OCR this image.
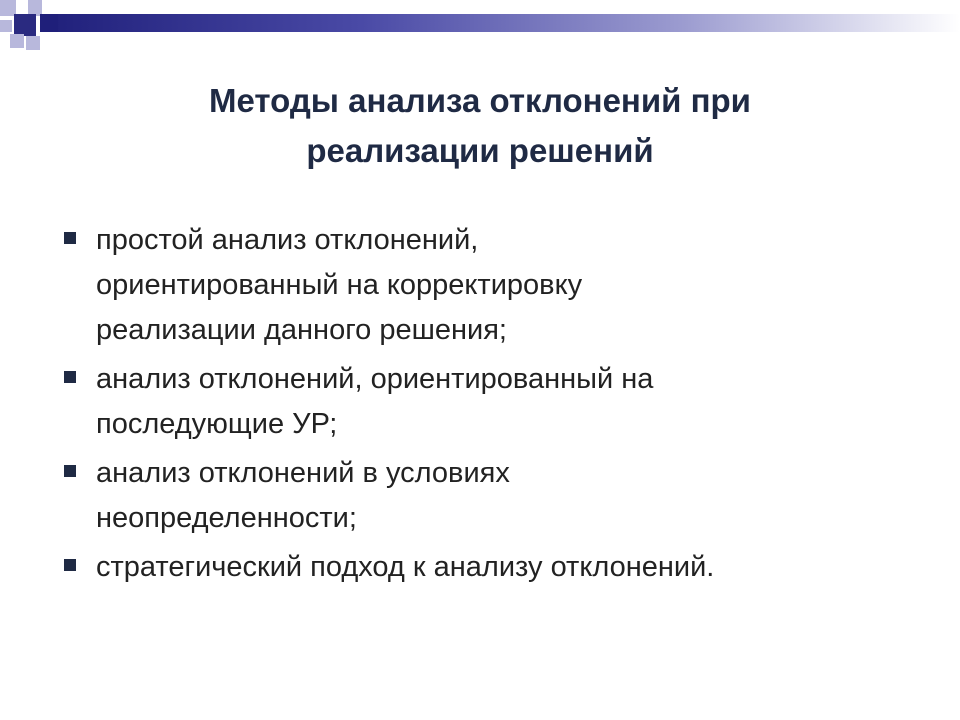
Методы анализа отклонений при
реализации решений
простой анализ отклонений,
ориентированный на корректировку
реализации данного решения;
анализ отклонений, ориентированный на
последующие УР;
анализ отклонений в условиях
неопределенности;
стратегический подход к анализу отклонений.
